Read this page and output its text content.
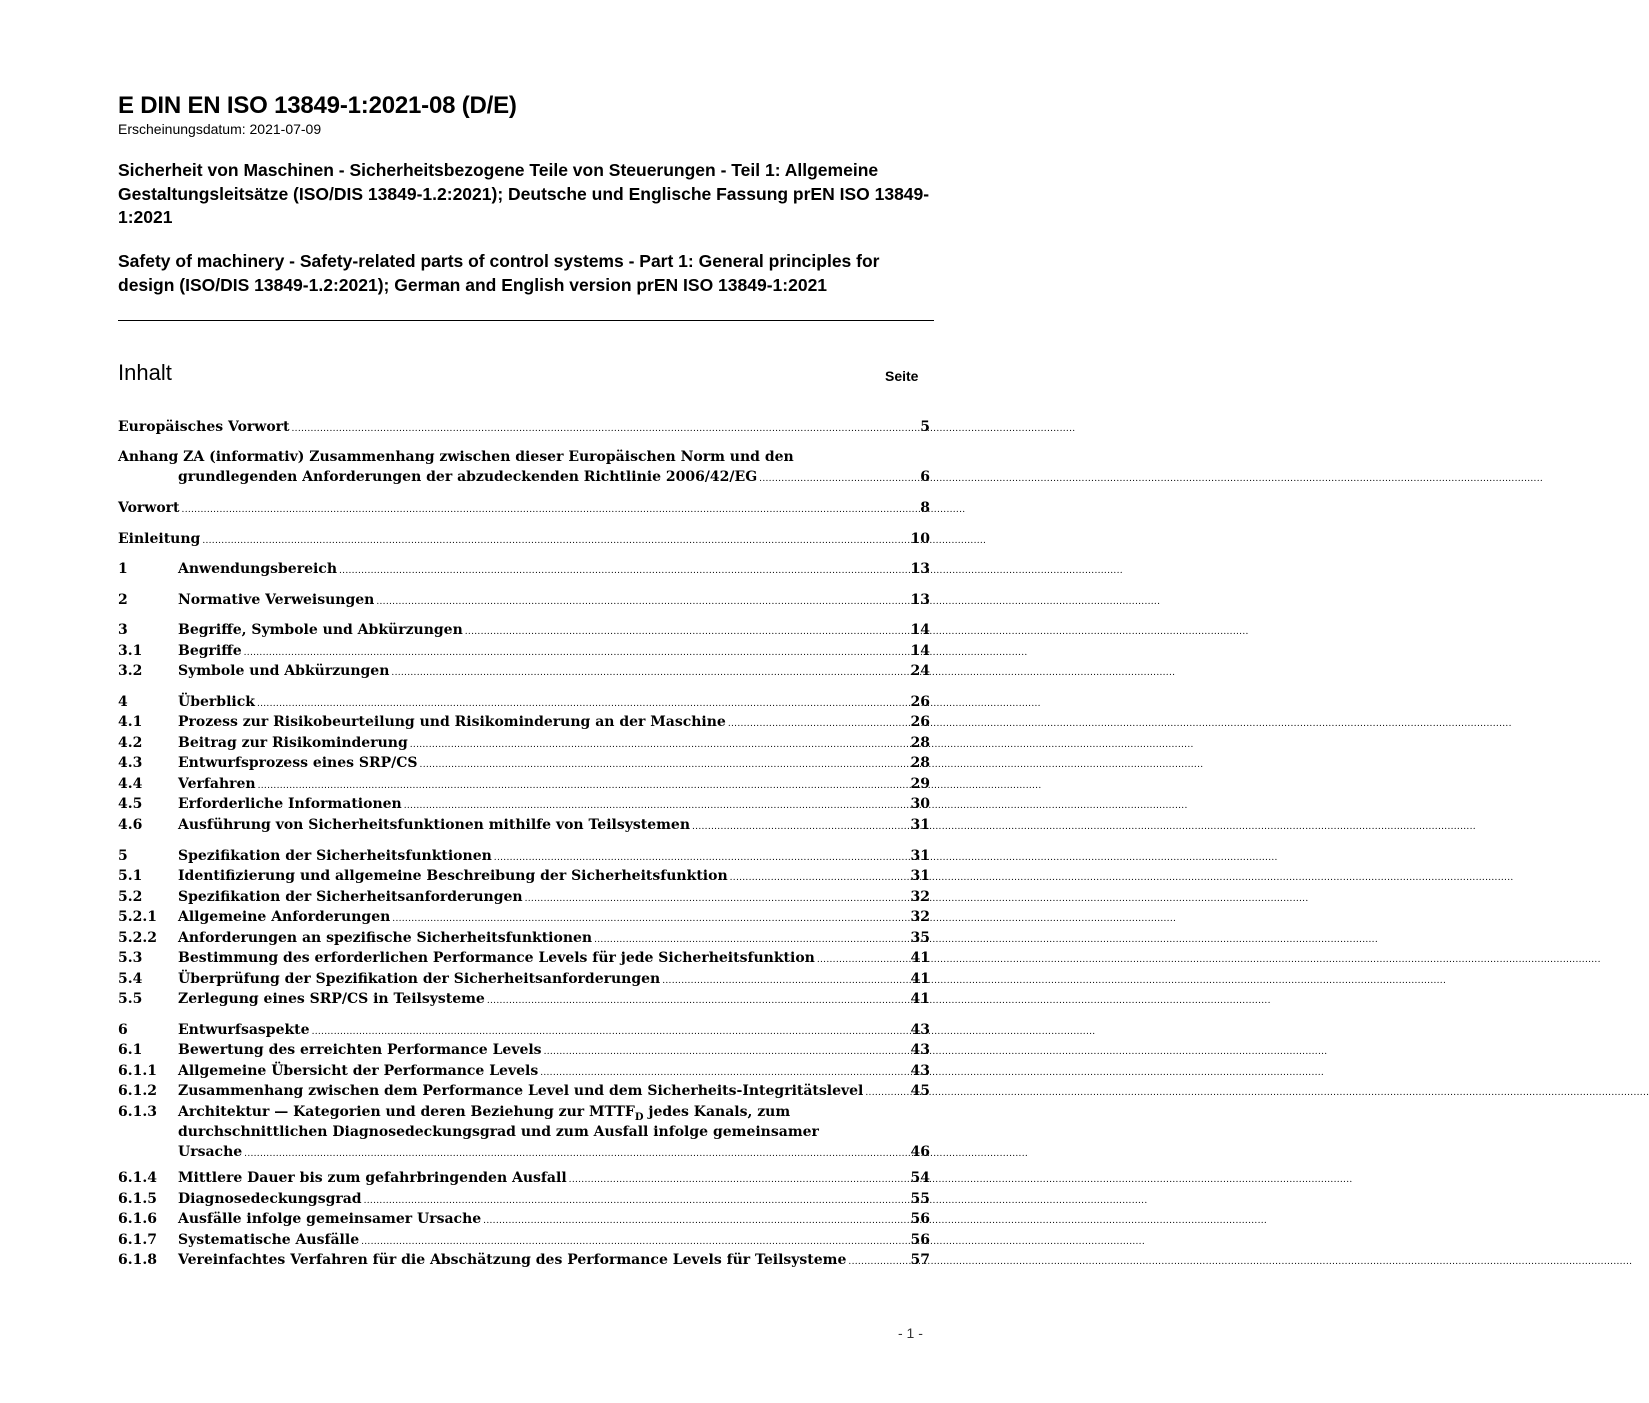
E DIN EN ISO 13849-1:2021-08 (D/E)
Erscheinungsdatum: 2021-07-09
Sicherheit von Maschinen - Sicherheitsbezogene Teile von Steuerungen - Teil 1: Allgemeine Gestaltungsleitsätze (ISO/DIS 13849-1.2:2021); Deutsche und Englische Fassung prEN ISO 13849-1:2021
Safety of machinery - Safety-related parts of control systems - Part 1: General principles for design (ISO/DIS 13849-1.2:2021); German and English version prEN ISO 13849-1:2021
Inhalt	Seite
Europäisches Vorwort .....	5
Anhang ZA (informativ) Zusammenhang zwischen dieser Europäischen Norm und den
grundlegenden Anforderungen der abzudeckenden Richtlinie 2006/42/EG .....	6
Vorwort .....	8
Einleitung .....	10
1	Anwendungsbereich .....	13
2	Normative Verweisungen .....	13
3	Begriffe, Symbole und Abkürzungen .....	14
3.1	Begriffe .....	14
3.2	Symbole und Abkürzungen .....	24
4	Überblick .....	26
4.1	Prozess zur Risikobeurteilung und Risikominderung an der Maschine .....	26
4.2	Beitrag zur Risikominderung .....	28
4.3	Entwurfsprozess eines SRP/CS .....	28
4.4	Verfahren .....	29
4.5	Erforderliche Informationen .....	30
4.6	Ausführung von Sicherheitsfunktionen mithilfe von Teilsystemen .....	31
5	Spezifikation der Sicherheitsfunktionen .....	31
5.1	Identifizierung und allgemeine Beschreibung der Sicherheitsfunktion .....	31
5.2	Spezifikation der Sicherheitsanforderungen .....	32
5.2.1	Allgemeine Anforderungen .....	32
5.2.2	Anforderungen an spezifische Sicherheitsfunktionen .....	35
5.3	Bestimmung des erforderlichen Performance Levels für jede Sicherheitsfunktion .....	41
5.4	Überprüfung der Spezifikation der Sicherheitsanforderungen .....	41
5.5	Zerlegung eines SRP/CS in Teilsysteme .....	41
6	Entwurfsaspekte .....	43
6.1	Bewertung des erreichten Performance Levels .....	43
6.1.1	Allgemeine Übersicht der Performance Levels .....	43
6.1.2	Zusammenhang zwischen dem Performance Level und dem Sicherheits-Integritätslevel .....	45
6.1.3 Architektur — Kategorien und deren Beziehung zur $MTTF_D$ jedes Kanals, zum
durchschnittlichen Diagnosedeckungsgrad und zum Ausfall infolge gemeinsamer
Ursache .....	46
6.1.4	Mittlere Dauer bis zum gefahrbringenden Ausfall .....	54
6.1.5	Diagnosedeckungsgrad .....	55
6.1.6	Ausfälle infolge gemeinsamer Ursache .....	56
6.1.7	Systematische Ausfälle .....	56
6.1.8	Vereinfachtes Verfahren für die Abschätzung des Performance Levels für Teilsysteme .....	57
- 1 -
